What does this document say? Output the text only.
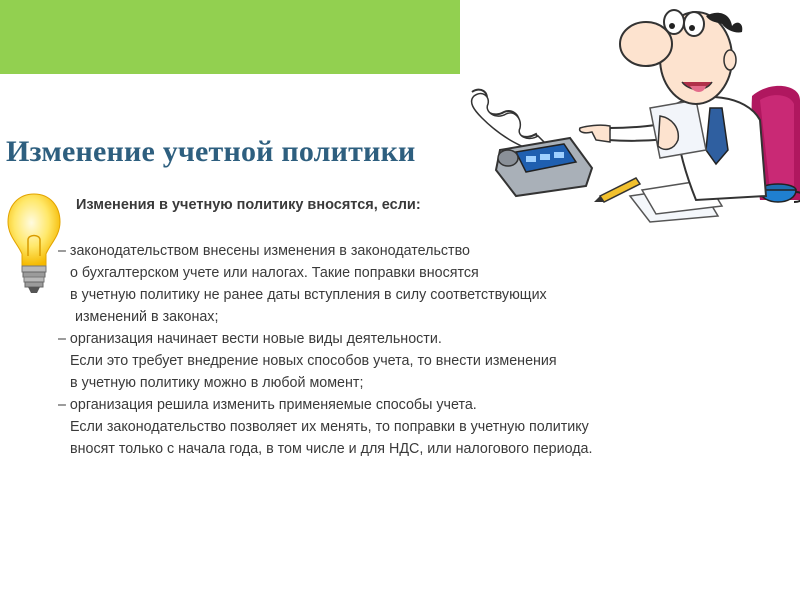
Изменение учетной политики

Изменения в учетную политику вносятся, если:

– законодательством внесены изменения в законодательство
о бухгалтерском учете или налогах. Такие поправки вносятся
в учетную политику не ранее даты вступления в силу соответствующих
изменений в законах;
– организация начинает вести новые виды деятельности.
Если это требует внедрение новых способов учета, то внести изменения
в учетную политику можно в любой момент;
– организация решила изменить применяемые способы учета.
Если законодательство позволяет их менять, то поправки в учетную политику
вносят только с начала года, в том числе и для НДС, или налогового периода.
